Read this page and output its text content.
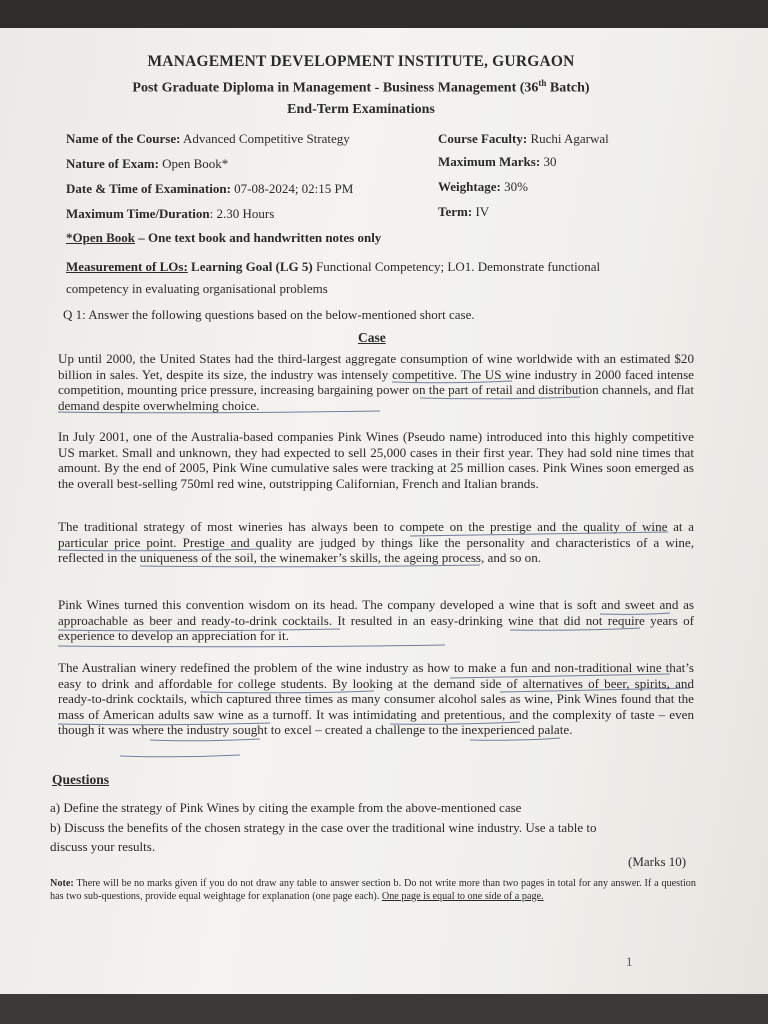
MANAGEMENT DEVELOPMENT INSTITUTE, GURGAON
Post Graduate Diploma in Management - Business Management (36th Batch)
End-Term Examinations
Name of the Course: Advanced Competitive Strategy	Course Faculty: Ruchi Agarwal
Nature of Exam: Open Book*	Maximum Marks: 30
Date & Time of Examination: 07-08-2024; 02:15 PM	Weightage: 30%
Maximum Time/Duration: 2.30 Hours	Term: IV
*Open Book – One text book and handwritten notes only
Measurement of LOs: Learning Goal (LG 5) Functional Competency; LO1. Demonstrate functional
competency in evaluating organisational problems
Q 1: Answer the following questions based on the below-mentioned short case.
Case
Up until 2000, the United States had the third-largest aggregate consumption of wine worldwide with an estimated $20 billion in sales. Yet, despite its size, the industry was intensely competitive. The US wine industry in 2000 faced intense competition, mounting price pressure, increasing bargaining power on the part of retail and distribution channels, and flat demand despite overwhelming choice.
In July 2001, one of the Australia-based companies Pink Wines (Pseudo name) introduced into this highly competitive US market. Small and unknown, they had expected to sell 25,000 cases in their first year. They had sold nine times that amount. By the end of 2005, Pink Wine cumulative sales were tracking at 25 million cases. Pink Wines soon emerged as the overall best-selling 750ml red wine, outstripping Californian, French and Italian brands.
The traditional strategy of most wineries has always been to compete on the prestige and the quality of wine at a particular price point. Prestige and quality are judged by things like the personality and characteristics of a wine, reflected in the uniqueness of the soil, the winemaker’s skills, the ageing process, and so on.
Pink Wines turned this convention wisdom on its head. The company developed a wine that is soft and sweet and as approachable as beer and ready-to-drink cocktails. It resulted in an easy-drinking wine that did not require years of experience to develop an appreciation for it.
The Australian winery redefined the problem of the wine industry as how to make a fun and non-traditional wine that’s easy to drink and affordable for college students. By looking at the demand side of alternatives of beer, spirits, and ready-to-drink cocktails, which captured three times as many consumer alcohol sales as wine, Pink Wines found that the mass of American adults saw wine as a turnoff. It was intimidating and pretentious, and the complexity of taste – even though it was where the industry sought to excel – created a challenge to the inexperienced palate.
Questions
a) Define the strategy of Pink Wines by citing the example from the above-mentioned case
b) Discuss the benefits of the chosen strategy in the case over the traditional wine industry. Use a table to
discuss your results.
(Marks 10)
Note: There will be no marks given if you do not draw any table to answer section b. Do not write more than two pages in total for any answer. If a question has two sub-questions, provide equal weightage for explanation (one page each). One page is equal to one side of a page.
1
